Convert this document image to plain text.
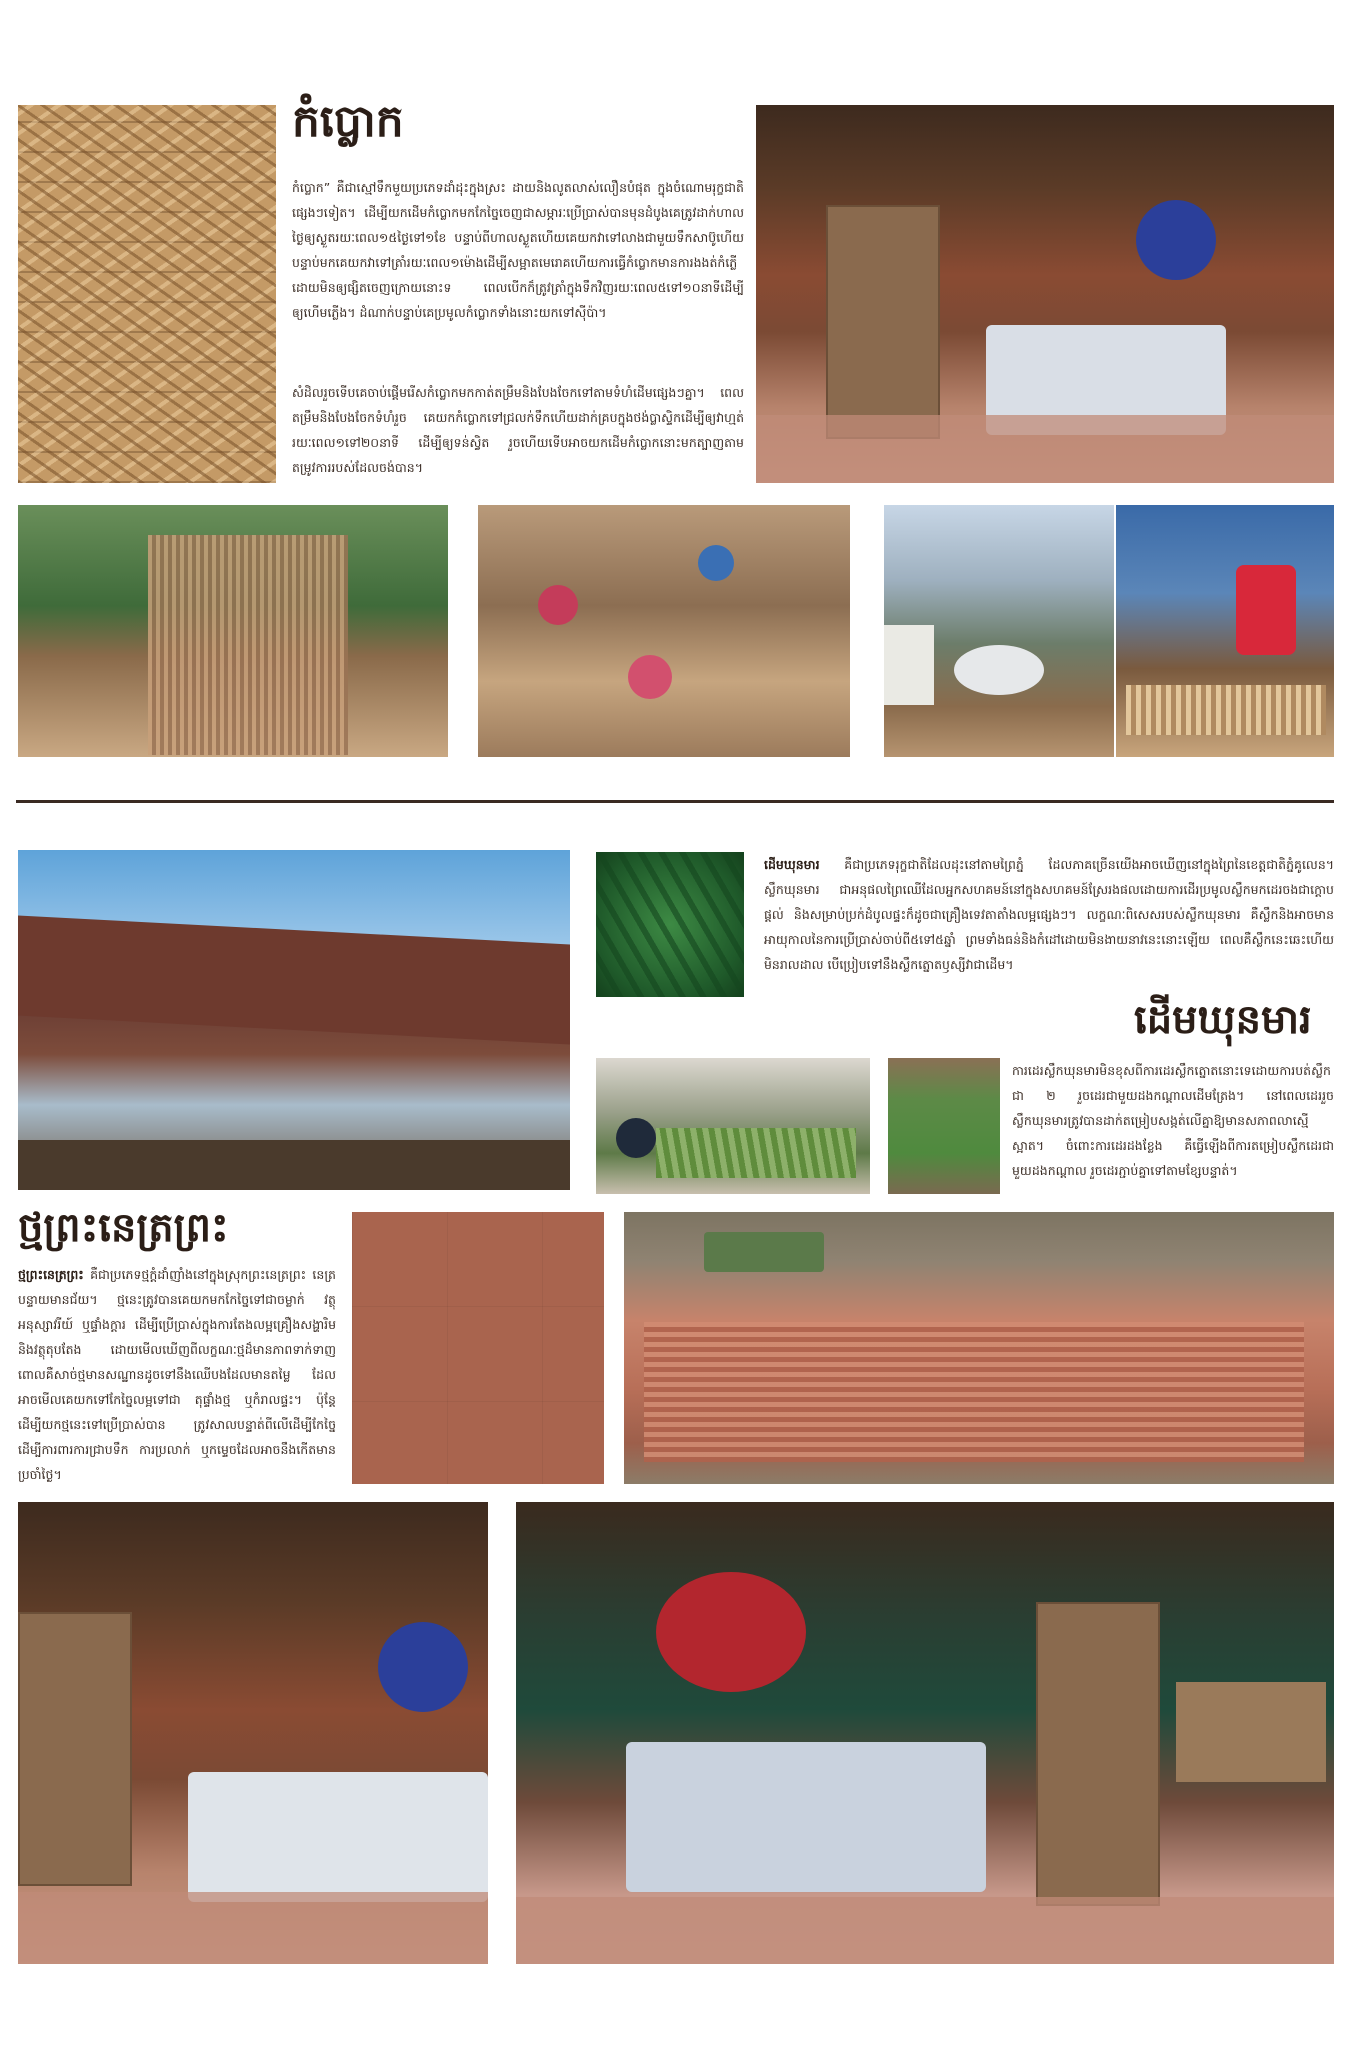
កំប្លោក

កំប្លោក” គឺជាស្មៅទឹកមួយប្រភេទដាំដុះក្នុងស្រះ ដាយនិងលូតលាស់លឿនបំផុត ក្នុងចំណោមរុក្ខជាតិផ្សេងៗទៀត។ ដើម្បីយកដើមកំប្លោកមកកែច្នៃចេញជាសម្ភារៈប្រើប្រាស់បានមុនដំបូងគេត្រូវដាក់ហាលថ្ងៃឲ្យស្ងួតរយៈពេល១៥ថ្ងៃទៅ១ខែ បន្ទាប់ពីហាលស្ងួតហើយគេយកវាទៅលាងជាមួយទឹកសាប៊ូហើយបន្ទាប់មកគេយកវាទៅត្រាំរយៈពេល១ម៉ោងដើម្បីសម្អាតមេរោគហើយការធ្វើកំប្លោកមានការងងត់កំភ្លើ ដោយមិនឲ្យផ្សិតចេញក្រោយនោះទ ពេលបើកក៏ត្រូវត្រាំក្នុងទឹកវិញរយៈពេល៥ទៅ១០នាទីដើម្បីឲ្យហើមភ្លើង។ ដំណាក់បន្ទាប់គេប្រមូលកំប្លោកទាំងនោះយកទៅស៊ីប៉ា។

សំដិលរួចទើបគេចាប់ផ្ដើមរើសកំប្លោកមកកាត់តម្រឹមនិងបែងចែកទៅតាមទំហំដើមផ្សេងៗគ្នា។ ពេលតម្រឹមនិងបែងចែកទំហំរួច គេយកកំប្លោកទៅជ្រលក់ទឹកហើយដាក់គ្របក្នុងថង់ប្លាស្ទិកដើម្បីឲ្យវាហ្មត់ រយៈពេល១ទៅ២០នាទី ដើម្បីឲ្យទន់ស្វិត រួចហើយទើបអាចយកដើមកំប្លោកនោះមកត្បាញតាមតម្រូវការរបស់ដែលចង់បាន។

ដើមឃុនមារ គឺជាប្រភេទរុក្ខជាតិដែលដុះនៅតាមព្រៃភ្នំ ដែលភាគច្រើនយើងអាចឃើញនៅក្នុងព្រៃនៃខេត្តជាតិភ្នំគូលេន។ ស្លឹកឃុនមារ ជាអនុផលព្រៃឈើដែលអ្នកសហគមន៍នៅក្នុងសហគមន៍ស្រែរងផលដោយការដើរប្រមូលស្លឹកមកដេរចងជាក្តោបផ្តល់ និងសម្រាប់ប្រក់ដំបូលផ្ទះក៏ដូចជាគ្រឿងទេវតាតាំងលម្អផ្សេងៗ។ លក្ខណៈពិសេសរបស់ស្លឹកឃុនមារ គឺស្លឹកនិងអាចមានអាយុកាលនៃការប្រើប្រាស់ចាប់ពី៥ទៅ៥ឆ្នាំ ព្រមទាំងធន់និងកំដៅដោយមិនងាយនាវនេះនោះឡើយ ពេលគឺស្លឹកនេះឆេះហើយមិនរាលដាល បើប្រៀបទៅនឹងស្លឹកត្នោតឫស្សីវាជាដើម។

ដើមឃុនមារ

ការដេរស្លឹកឃុនមារមិនខុសពីការដេរស្លឹកត្នោតនោះទេដោយការបត់ស្លឹកជា ២ រួចដេរជាមួយដងកណ្ដាលដើមត្រែង។ នៅពេលដេររួចស្លឹកឃុនមារត្រូវបានដាក់តម្រៀបសង្កត់លើគ្នាឱ្យមានសភាពលាស្មើស្អាត។ ចំពោះការដេរដងខ្លែង គឺធ្វើឡើងពីការតម្រៀបស្លឹកដេរជាមួយដងកណ្ដាល រួចដេរភ្ជាប់គ្នាទៅតាមខ្សែបន្ទាត់។

ថ្មព្រះនេត្រព្រះ

ថ្មព្រះនេត្រព្រះ គឺជាប្រភេទថ្មក្តំដាំញាំងនៅក្នុងស្រុកព្រះនេត្រព្រះ នេត្របន្ទាយមានជ័យ។ ថ្មនេះត្រូវបានគេយកមកកែច្នៃទៅជាចម្លាក់ វត្ថុអនុស្សាវរីយ៍ ឬផ្ទាំងក្ដារ ដើម្បីប្រើប្រាស់ក្នុងការតែងលម្អគ្រឿងសង្ហារិម និងវត្ថុតុបតែង ដោយមើលឃើញពីលក្ខណៈថ្មដ៏មានភាពទាក់ទាញ ពោលគឺសាច់ថ្មមានសណ្ឋានដូចទៅនឹងឈើបងដែលមានតម្លៃ ដែលអាចមើលគេយកទៅកែច្នៃលម្អទៅជា តុផ្ទាំងថ្ម ឬកំរាលផ្ទះ។ ប៉ុន្តែដើម្បីយកថ្មនេះទៅប្រើប្រាស់បាន ត្រូវសាលបន្ទាត់ពីលើដើម្បីកែច្នៃ ដើម្បីការពារការជ្រាបទឹក ការប្រលាក់ ឬកម្ទេចដែលអាចនឹងកើតមានប្រចាំថ្ងៃ។
